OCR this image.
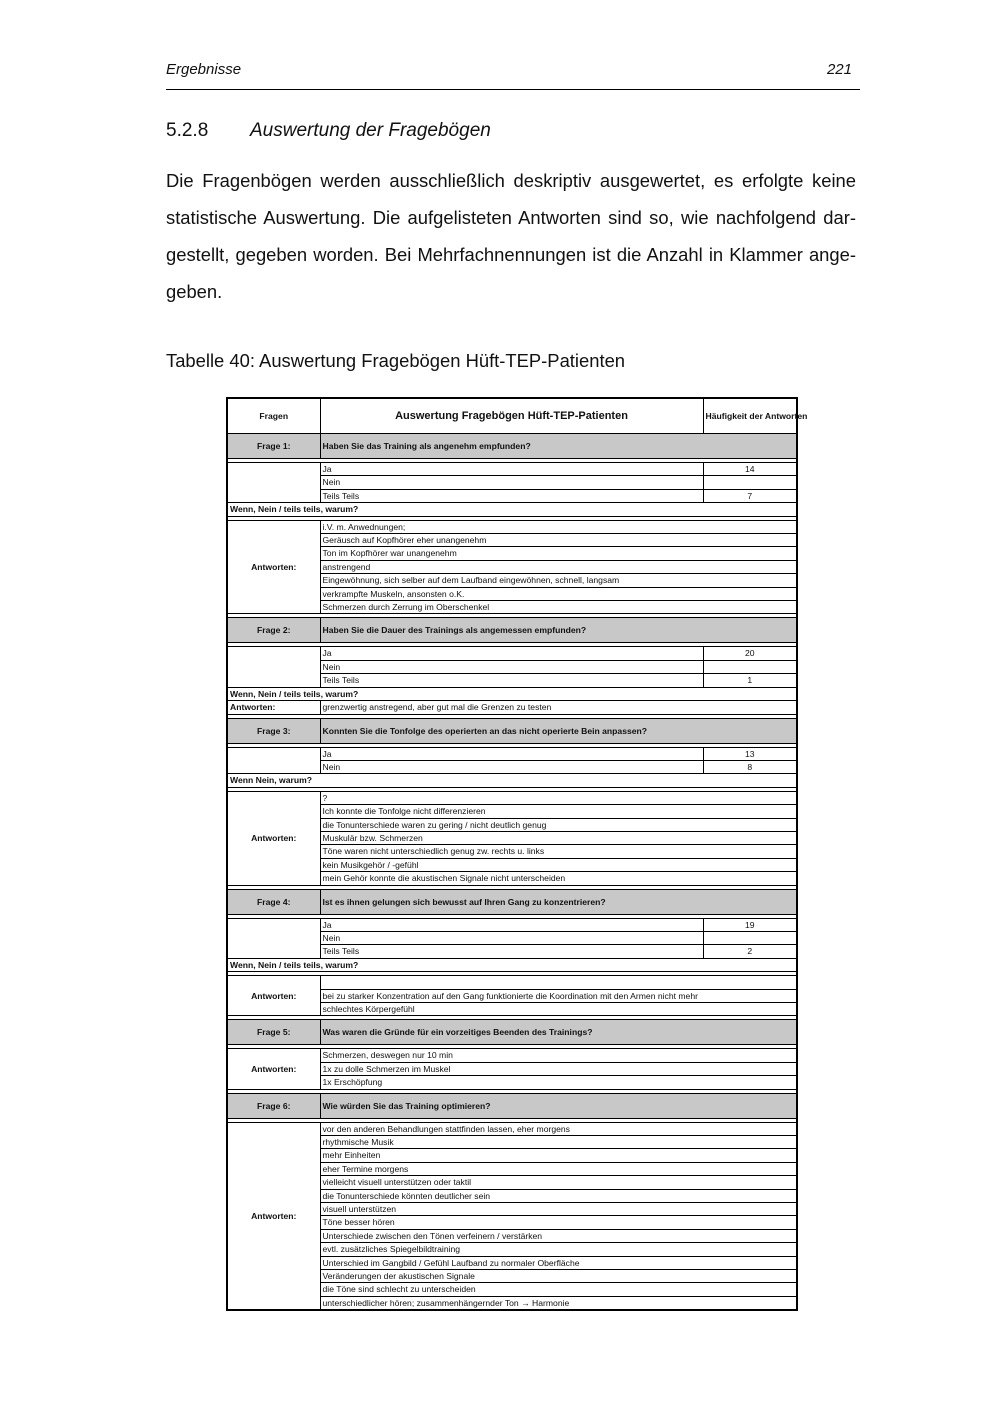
Ergebnisse	221
5.2.8 Auswertung der Fragebögen

Die Fragenbögen werden ausschließlich deskriptiv ausgewertet, es erfolgte keine statistische Auswertung. Die aufgelisteten Antworten sind so, wie nachfolgend dargestellt, gegeben worden. Bei Mehrfachnennungen ist die Anzahl in Klammer angegeben.

Tabelle 40: Auswertung Fragebögen Hüft-TEP-Patienten
Fragen	Auswertung Fragebögen Hüft-TEP-Patienten	Häufigkeit der Antworten
Frage 1:	Haben Sie das Training als angenehm empfunden?	

	Ja	14
	Nein	
	Teils Teils	7
Wenn, Nein / teils teils, warum?		

Antworten:	i.V. m. Anwednungen;	
	Geräusch auf Kopfhörer eher unangenehm	
	Ton im Kopfhörer war unangenehm	
	anstrengend	
	Eingewöhnung, sich selber auf dem Laufband eingewöhnen, schnell, langsam	
	verkrampfte Muskeln, ansonsten o.K.	
	Schmerzen durch Zerrung im Oberschenkel	

Frage 2:	Haben Sie die Dauer des Trainings als angemessen empfunden?	

	Ja	20
	Nein	
	Teils Teils	1
Wenn, Nein / teils teils, warum?		
Antworten:	grenzwertig anstregend, aber gut mal die Grenzen zu testen	

Frage 3:	Konnten Sie die Tonfolge des operierten an das nicht operierte Bein anpassen?	

	Ja	13
	Nein	8
Wenn Nein, warum?		

Antworten:	?	
	Ich konnte die Tonfolge nicht differenzieren	
	die Tonunterschiede waren zu gering / nicht deutlich genug	
	Muskulär bzw. Schmerzen	
	Töne waren nicht unterschiedlich genug zw. rechts u. links	
	kein Musikgehör / -gefühl	
	mein Gehör konnte die akustischen Signale nicht unterscheiden	

Frage 4:	Ist es ihnen gelungen sich bewusst auf Ihren Gang zu konzentrieren?	

	Ja	19
	Nein	
	Teils Teils	2
Wenn, Nein / teils teils, warum?		

Antworten:		
	bei zu starker Konzentration auf den Gang funktionierte die Koordination mit den Armen nicht mehr	
	schlechtes Körpergefühl	

Frage 5:	Was waren die Gründe für ein vorzeitiges Beenden des Trainings?	

Antworten:	Schmerzen, deswegen nur 10 min	
	1x zu dolle Schmerzen im Muskel	
	1x Erschöpfung	

Frage 6:	Wie würden Sie das Training optimieren?	

Antworten:	vor den anderen Behandlungen stattfinden lassen, eher morgens	
	rhythmische Musik	
	mehr Einheiten	
	eher Termine morgens	
	vielleicht visuell unterstützen oder taktil	
	die Tonunterschiede könnten deutlicher sein	
	visuell unterstützen	
	Töne besser hören	
	Unterschiede zwischen den Tönen verfeinern / verstärken	
	evtl. zusätzliches Spiegelbildtraining	
	Unterschied im Gangbild / Gefühl Laufband zu normaler Oberfläche	
	Veränderungen der akustischen Signale	
	die Töne sind schlecht zu unterscheiden	
	unterschiedlicher hören; zusammenhängernder Ton → Harmonie	
